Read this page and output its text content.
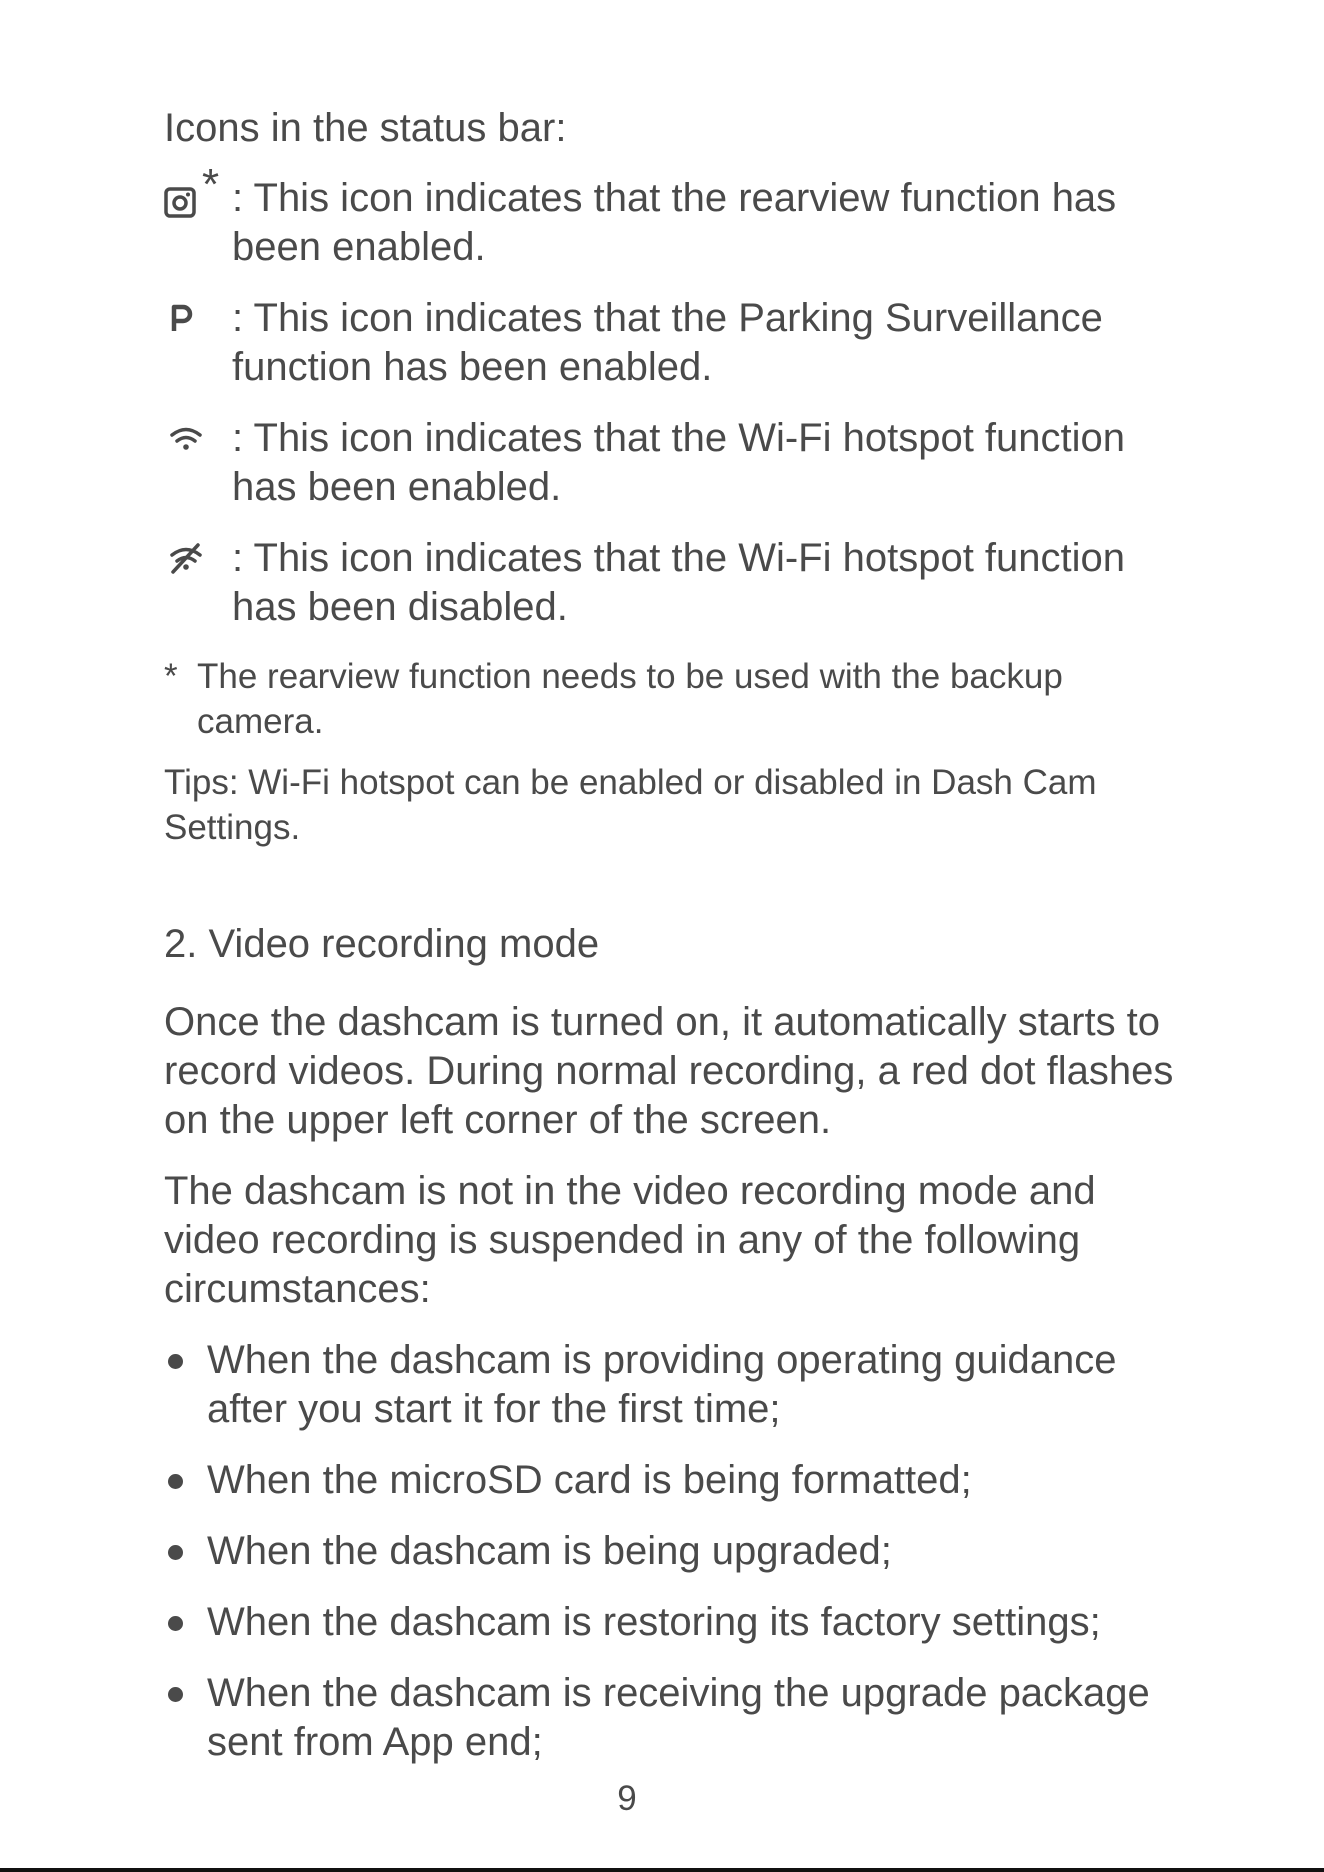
Icons in the status bar:
* : This icon indicates that the rearview function has been enabled.
: This icon indicates that the Parking Surveillance function has been enabled.
: This icon indicates that the Wi-Fi hotspot function has been enabled.
: This icon indicates that the Wi-Fi hotspot function has been disabled.
* The rearview function needs to be used with the backup camera.
Tips: Wi-Fi hotspot can be enabled or disabled in Dash Cam Settings.
2. Video recording mode

Once the dashcam is turned on, it automatically starts to record videos. During normal recording, a red dot flashes on the upper left corner of the screen.

The dashcam is not in the video recording mode and video recording is suspended in any of the following circumstances:

When the dashcam is providing operating guidance after you start it for the first time;
When the microSD card is being formatted;
When the dashcam is being upgraded;
When the dashcam is restoring its factory settings;
When the dashcam is receiving the upgrade package sent from App end;
9
